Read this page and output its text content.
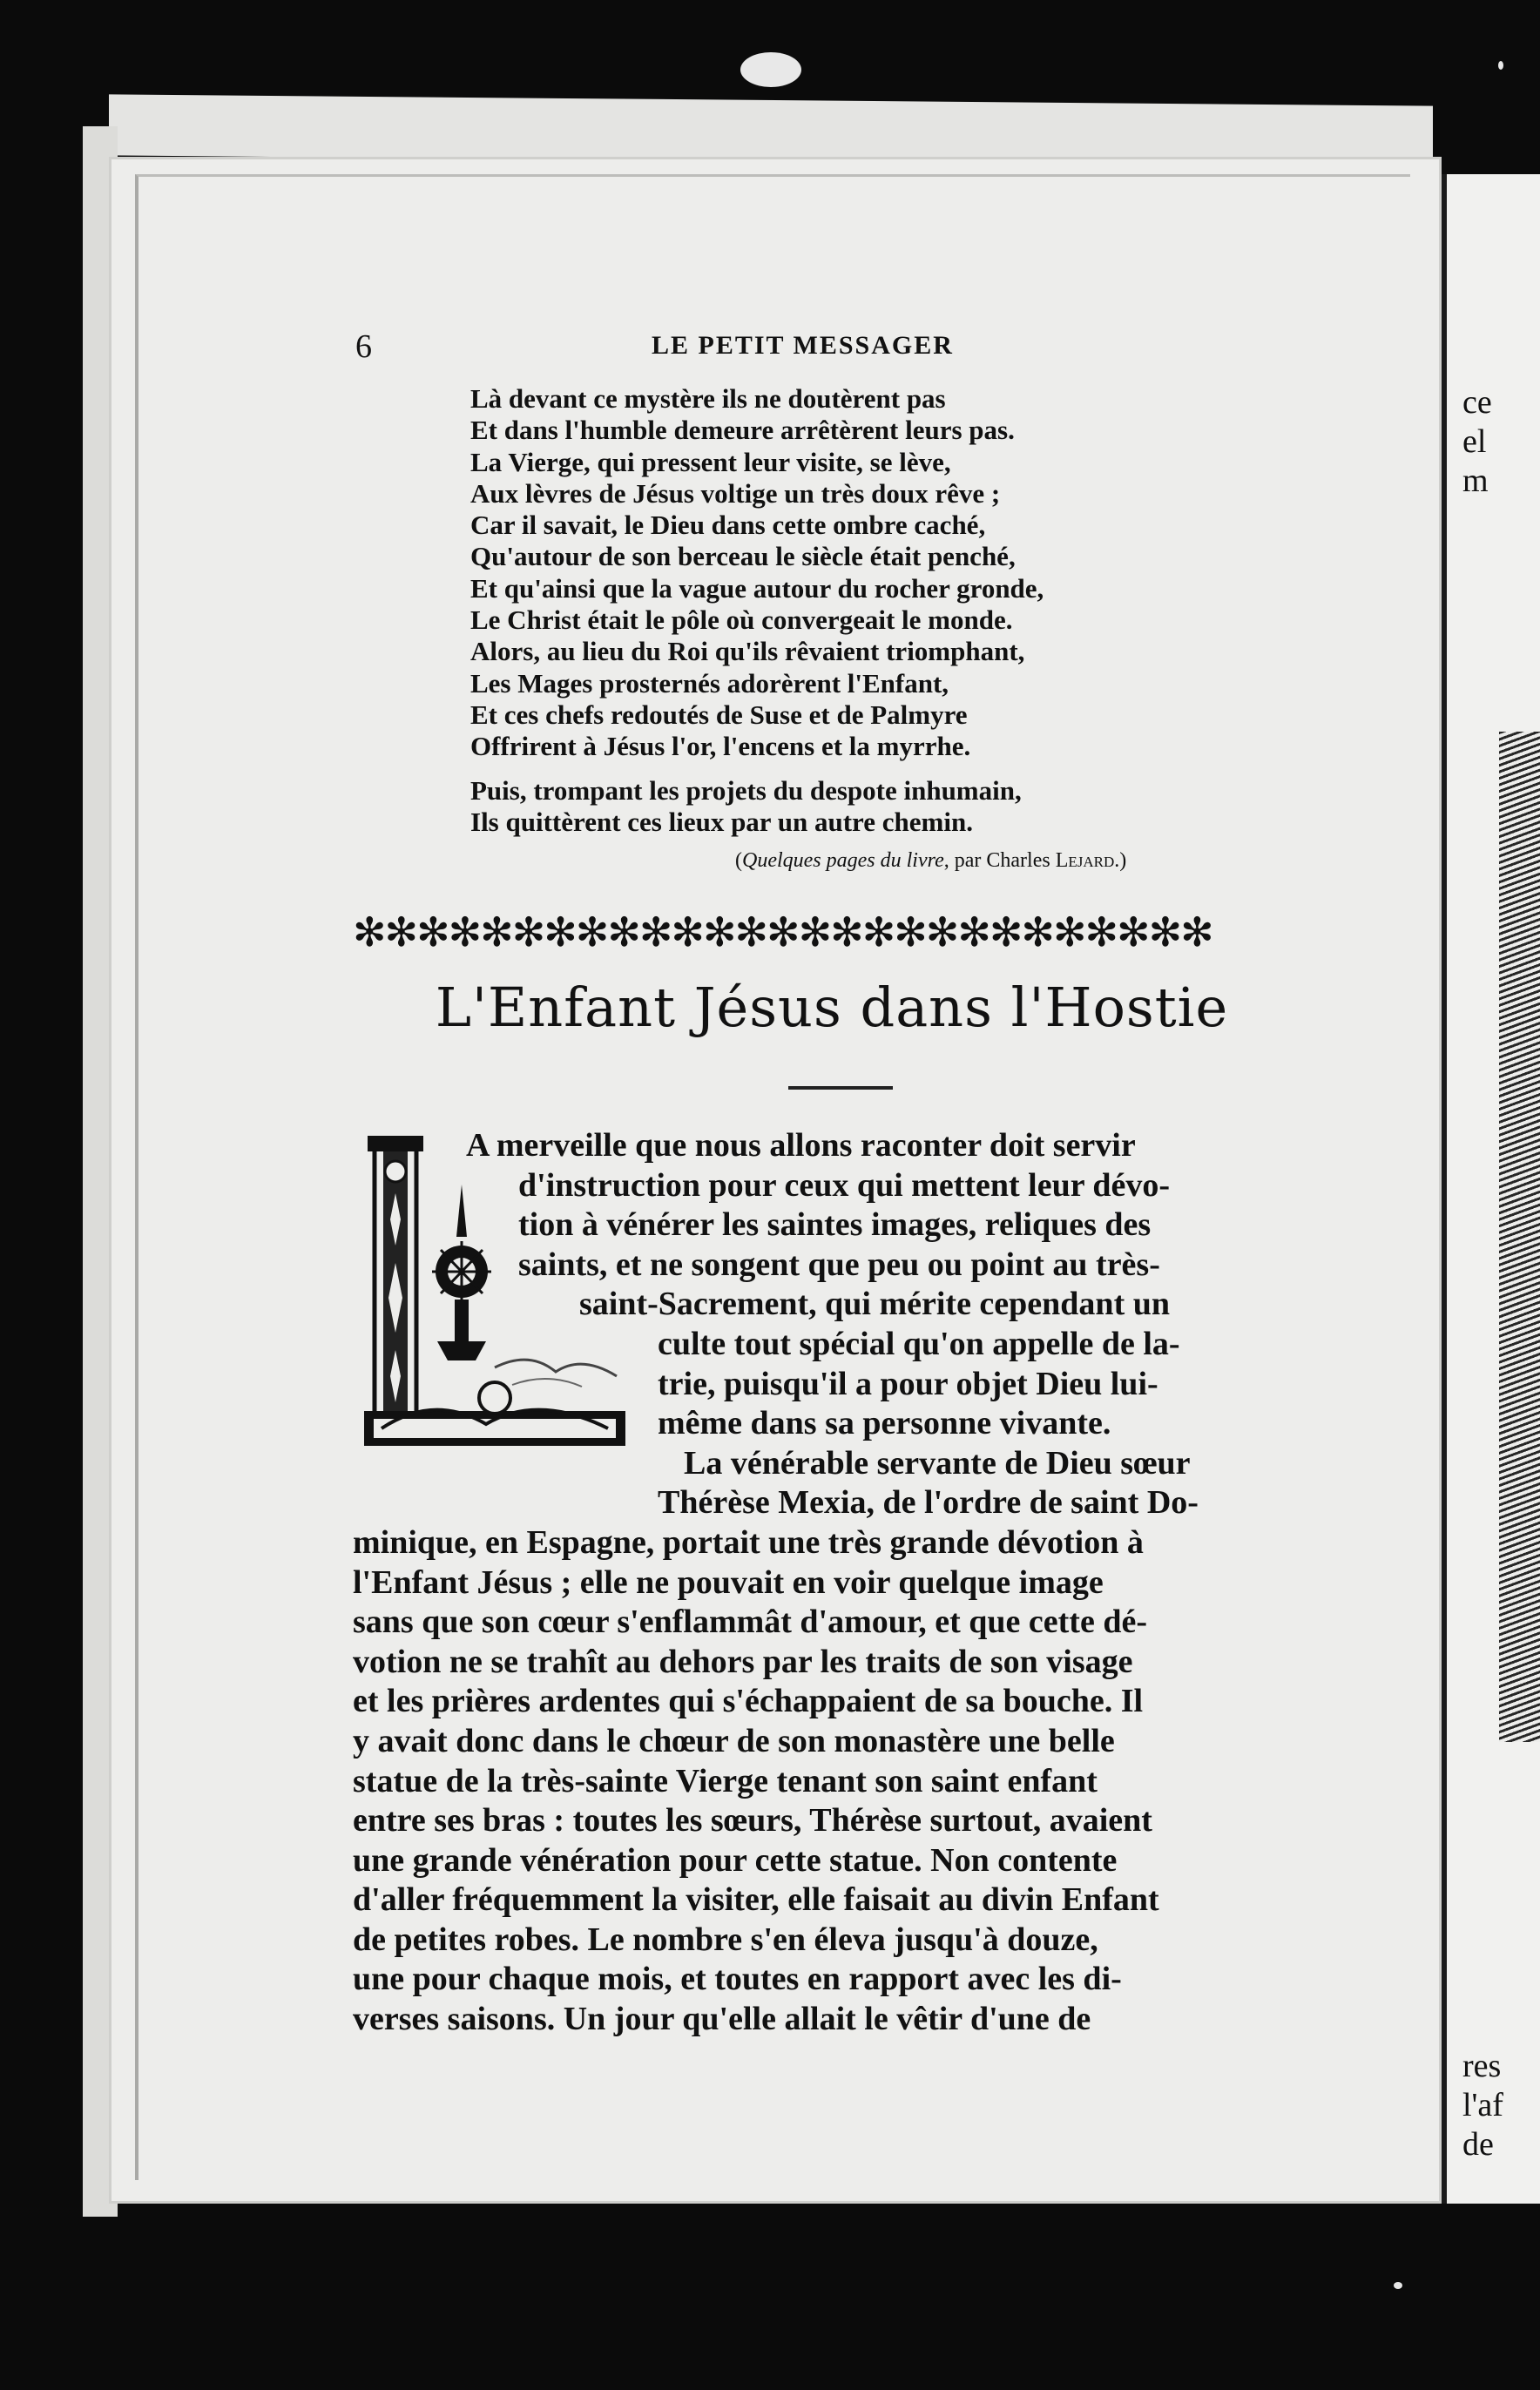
ce
el
m
res
l'af
de
6	LE PETIT MESSAGER
Là devant ce mystère ils ne doutèrent pas
Et dans l'humble demeure arrêtèrent leurs pas.
La Vierge, qui pressent leur visite, se lève,
Aux lèvres de Jésus voltige un très doux rêve ;
Car il savait, le Dieu dans cette ombre caché,
Qu'autour de son berceau le siècle était penché,
Et qu'ainsi que la vague autour du rocher gronde,
Le Christ était le pôle où convergeait le monde.
Alors, au lieu du Roi qu'ils rêvaient triomphant,
Les Mages prosternés adorèrent l'Enfant,
Et ces chefs redoutés de Suse et de Palmyre
Offrirent à Jésus l'or, l'encens et la myrrhe.
Puis, trompant les projets du despote inhumain,
Ils quittèrent ces lieux par un autre chemin.
(Quelques pages du livre, par Charles Lejard.)
✻✻✻✻✻✻✻✻✻✻✻✻✻✻✻✻✻✻✻✻✻✻✻✻✻✻✻
L'Enfant Jésus dans l'Hostie
A merveille que nous allons raconter doit servir
d'instruction pour ceux qui mettent leur dévo-
tion à vénérer les saintes images, reliques des
saints, et ne songent que peu ou point au très-
saint-Sacrement, qui mérite cependant un
culte tout spécial qu'on appelle de la-
trie, puisqu'il a pour objet Dieu lui-
même dans sa personne vivante.
La vénérable servante de Dieu sœur
Thérèse Mexia, de l'ordre de saint Do-
minique, en Espagne, portait une très grande dévotion à
l'Enfant Jésus ; elle ne pouvait en voir quelque image
sans que son cœur s'enflammât d'amour, et que cette dé-
votion ne se trahît au dehors par les traits de son visage
et les prières ardentes qui s'échappaient de sa bouche. Il
y avait donc dans le chœur de son monastère une belle
statue de la très-sainte Vierge tenant son saint enfant
entre ses bras : toutes les sœurs, Thérèse surtout, avaient
une grande vénération pour cette statue. Non contente
d'aller fréquemment la visiter, elle faisait au divin Enfant
de petites robes. Le nombre s'en éleva jusqu'à douze,
une pour chaque mois, et toutes en rapport avec les di-
verses saisons. Un jour qu'elle allait le vêtir d'une de
